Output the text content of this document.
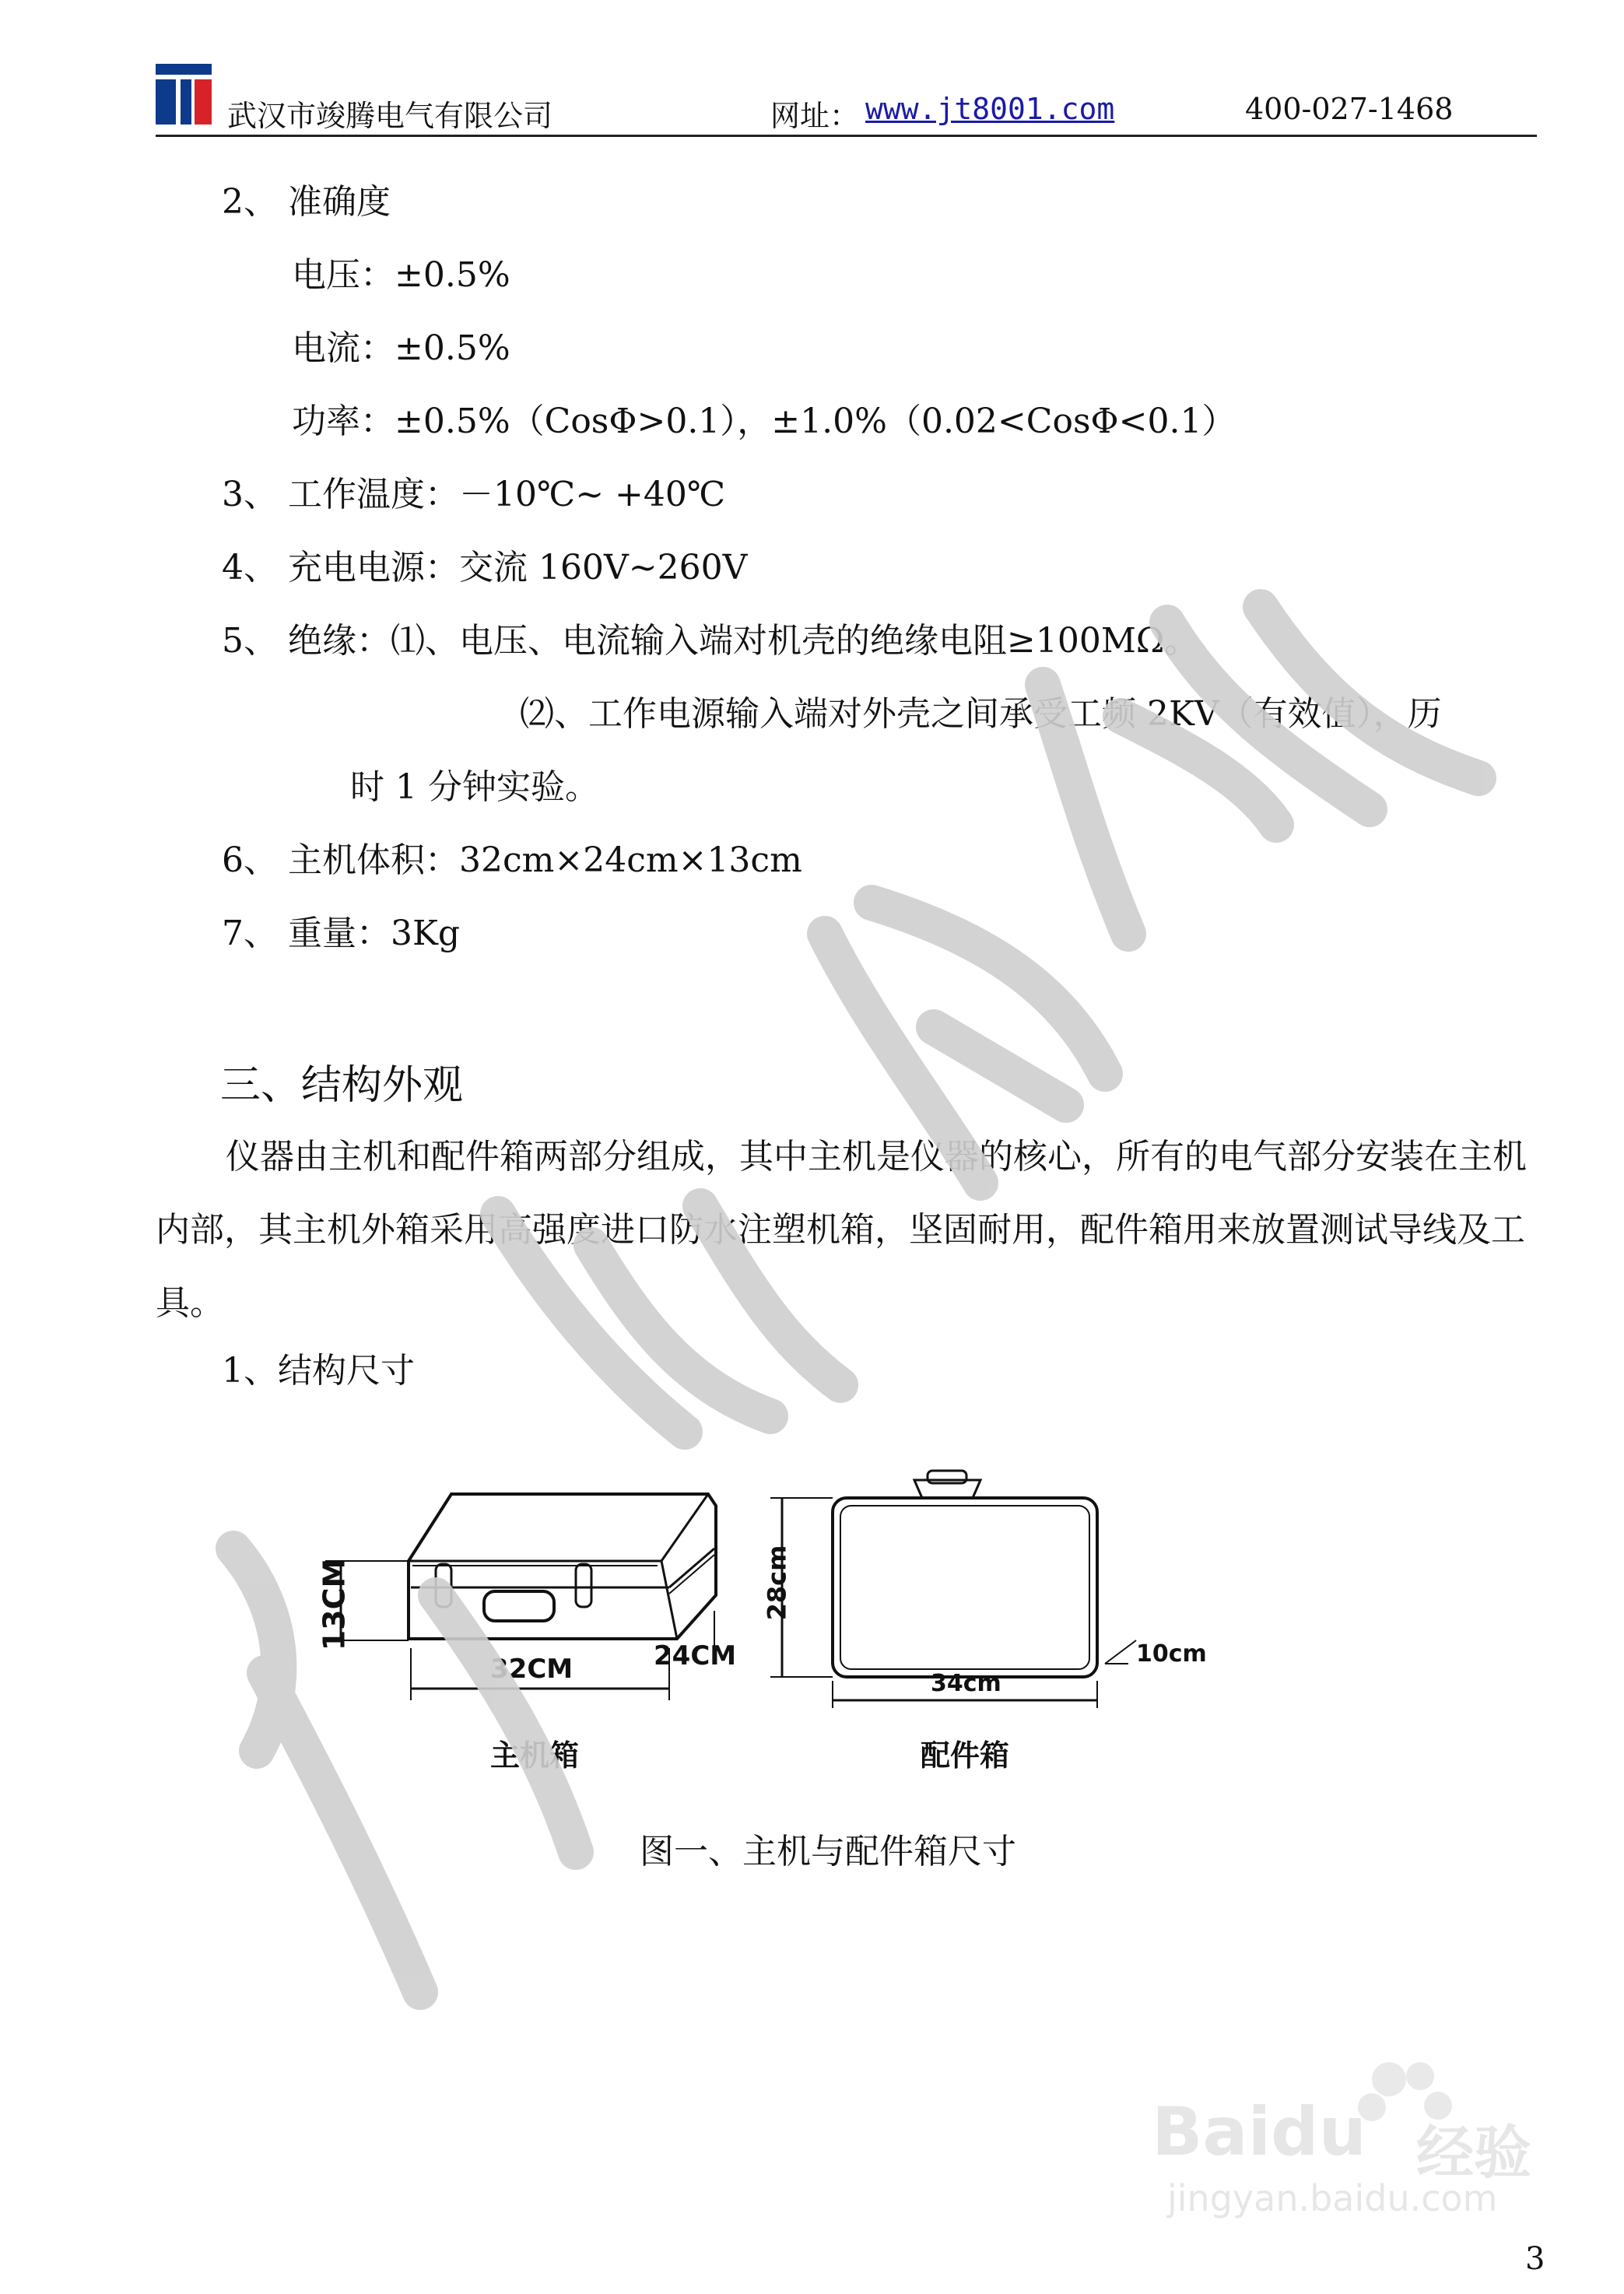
武汉市竣腾电气有限公司	网址： www.jt8001.com	400-027-1468
2、 准确度
电压：±0.5%
电流：±0.5%
功率：±0.5%（CosΦ>0.1），±1.0%（0.02<CosΦ<0.1）
3、 工作温度：－10℃~ +40℃
4、 充电电源：交流 160V~260V
5、 绝缘：⑴、电压、电流输入端对机壳的绝缘电阻≥100MΩ。
⑵、工作电源输入端对外壳之间承受工频 2KV（有效值），历
时 1 分钟实验。
6、 主机体积：32cm×24cm×13cm
7、 重量：3Kg
三、结构外观
仪器由主机和配件箱两部分组成，其中主机是仪器的核心，所有的电气部分安装在主机内部，其主机外箱采用高强度进口防水注塑机箱，坚固耐用，配件箱用来放置测试导线及工具。
1、结构尺寸
13CM
32CM	24CM
主机箱
28cm
34cm
10cm
配件箱
图一、主机与配件箱尺寸
Baidu 经验
jingyan.baidu.com
3
